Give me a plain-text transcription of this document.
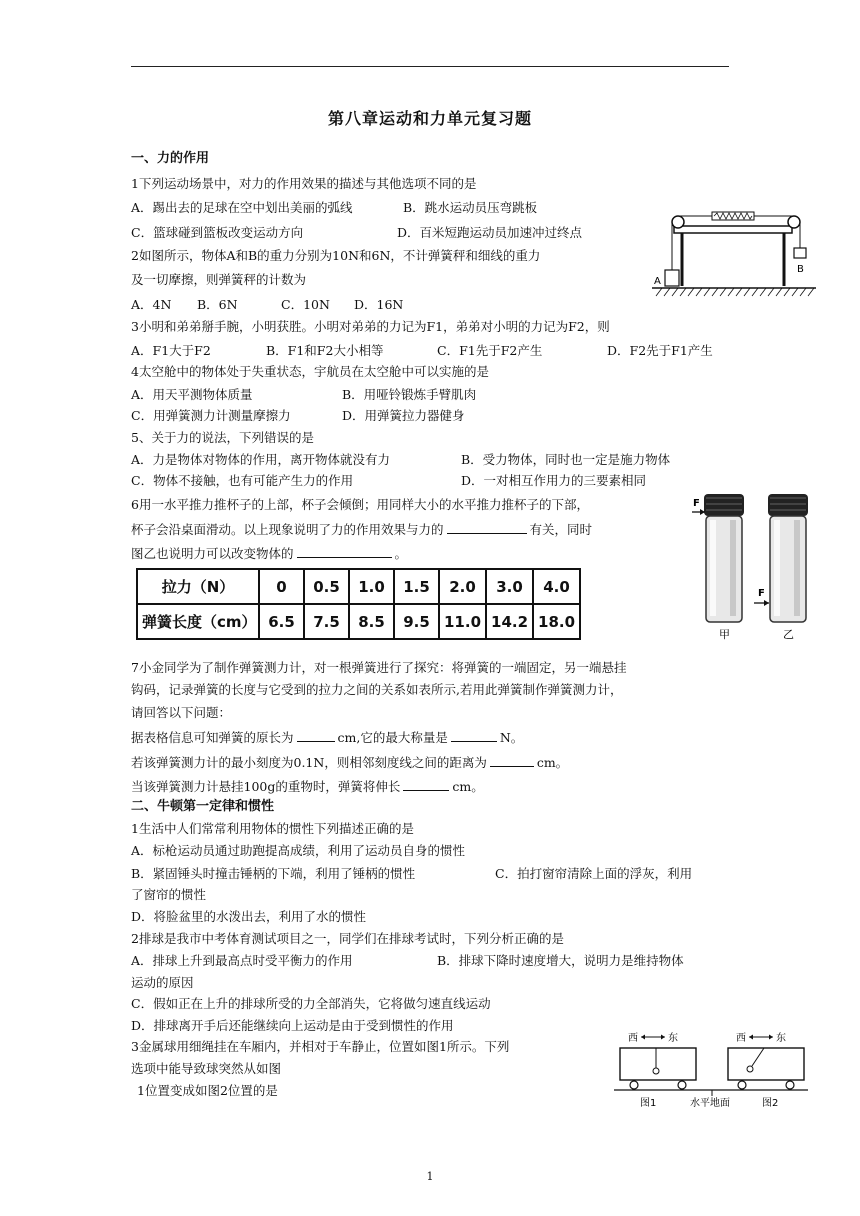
第八章运动和力单元复习题
一、力的作用
1下列运动场景中，对力的作用效果的描述与其他选项不同的是
A．踢出去的足球在空中划出美丽的弧线	B．跳水运动员压弯跳板
C．篮球碰到篮板改变运动方向	D．百米短跑运动员加速冲过终点
2如图所示，物体A和B的重力分别为10N和6N，不计弹簧秤和细线的重力
及一切摩擦，则弹簧秤的计数为
A．4N B．6N	C．10N D．16N
3小明和弟弟掰手腕，小明获胜。小明对弟弟的力记为F1，弟弟对小明的力记为F2，则
A．F1大于F2	B．F1和F2大小相等	C．F1先于F2产生	D．F2先于F1产生
4太空舱中的物体处于失重状态，宇航员在太空舱中可以实施的是
A．用天平测物体质量	B．用哑铃锻炼手臂肌肉
C．用弹簧测力计测量摩擦力	D．用弹簧拉力器健身
5、关于力的说法，下列错误的是
A．力是物体对物体的作用，离开物体就没有力	B．受力物体，同时也一定是施力物体
C．物体不接触，也有可能产生力的作用	D．一对相互作用力的三要素相同
6用一水平推力推杯子的上部，杯子会倾倒；用同样大小的水平推力推杯子的下部，
杯子会沿桌面滑动。以上现象说明了力的作用效果与力的	有关，同时
图乙也说明力可以改变物体的	。
拉力（N）	0	0.5	1.0	1.5	2.0	3.0	4.0
弹簧长度（cm）	6.5	7.5	8.5	9.5	11.0	14.2	18.0
7小金同学为了制作弹簧测力计，对一根弹簧进行了探究：将弹簧的一端固定，另一端悬挂
钩码，记录弹簧的长度与它受到的拉力之间的关系如表所示,若用此弹簧制作弹簧测力计，
请回答以下问题：
据表格信息可知弹簧的原长为	cm,它的最大称量是	N。
若该弹簧测力计的最小刻度为0.1N，则相邻刻度线之间的距离为	cm。
当该弹簧测力计悬挂100g的重物时，弹簧将伸长	cm。
二、牛顿第一定律和惯性
1生活中人们常常利用物体的惯性下列描述正确的是
A．标枪运动员通过助跑提高成绩，利用了运动员自身的惯性
B．紧固锤头时撞击锤柄的下端，利用了锤柄的惯性	C．拍打窗帘清除上面的浮灰，利用
了窗帘的惯性
D．将脸盆里的水泼出去，利用了水的惯性
2排球是我市中考体育测试项目之一，同学们在排球考试时，下列分析正确的是
A．排球上升到最高点时受平衡力的作用	B．排球下降时速度增大，说明力是维持物体
运动的原因
C．假如正在上升的排球所受的力全部消失，它将做匀速直线运动
D．排球离开手后还能继续向上运动是由于受到惯性的作用
3金属球用细绳挂在车厢内，并相对于车静止，位置如图1所示。下列
选项中能导致球突然从如图
1位置变成如图2位置的是
A
B
F
F
甲	乙
西	东	西	东
图1	水平地面	图2
1
